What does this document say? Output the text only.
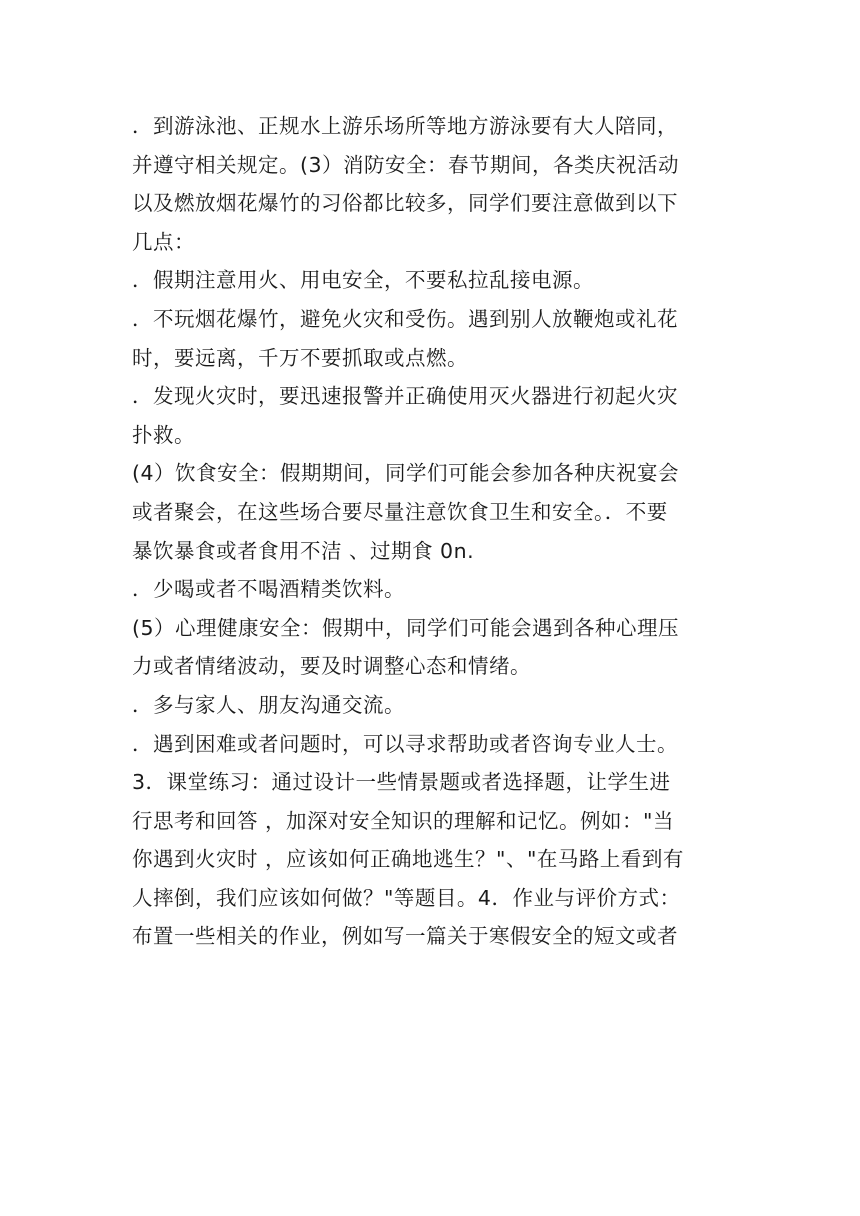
．到游泳池、正规水上游乐场所等地方游泳要有大人陪同，
并遵守相关规定。(3）消防安全：春节期间，各类庆祝活动
以及燃放烟花爆竹的习俗都比较多，同学们要注意做到以下
几点：
．假期注意用火、用电安全，不要私拉乱接电源。
．不玩烟花爆竹，避免火灾和受伤。遇到别人放鞭炮或礼花
时，要远离，千万不要抓取或点燃。
．发现火灾时，要迅速报警并正确使用灭火器进行初起火灾
扑救。
(4）饮食安全：假期期间，同学们可能会参加各种庆祝宴会
或者聚会，在这些场合要尽量注意饮食卫生和安全。．不要
暴饮暴食或者食用不洁 、过期食 0n.
．少喝或者不喝酒精类饮料。
(5）心理健康安全：假期中，同学们可能会遇到各种心理压
力或者情绪波动，要及时调整心态和情绪。
．多与家人、朋友沟通交流。
．遇到困难或者问题时，可以寻求帮助或者咨询专业人士。
3．课堂练习：通过设计一些情景题或者选择题，让学生进
行思考和回答 ，加深对安全知识的理解和记忆。例如："当
你遇到火灾时 ，应该如何正确地逃生？"、"在马路上看到有
人摔倒，我们应该如何做？"等题目。4．作业与评价方式：
布置一些相关的作业，例如写一篇关于寒假安全的短文或者
